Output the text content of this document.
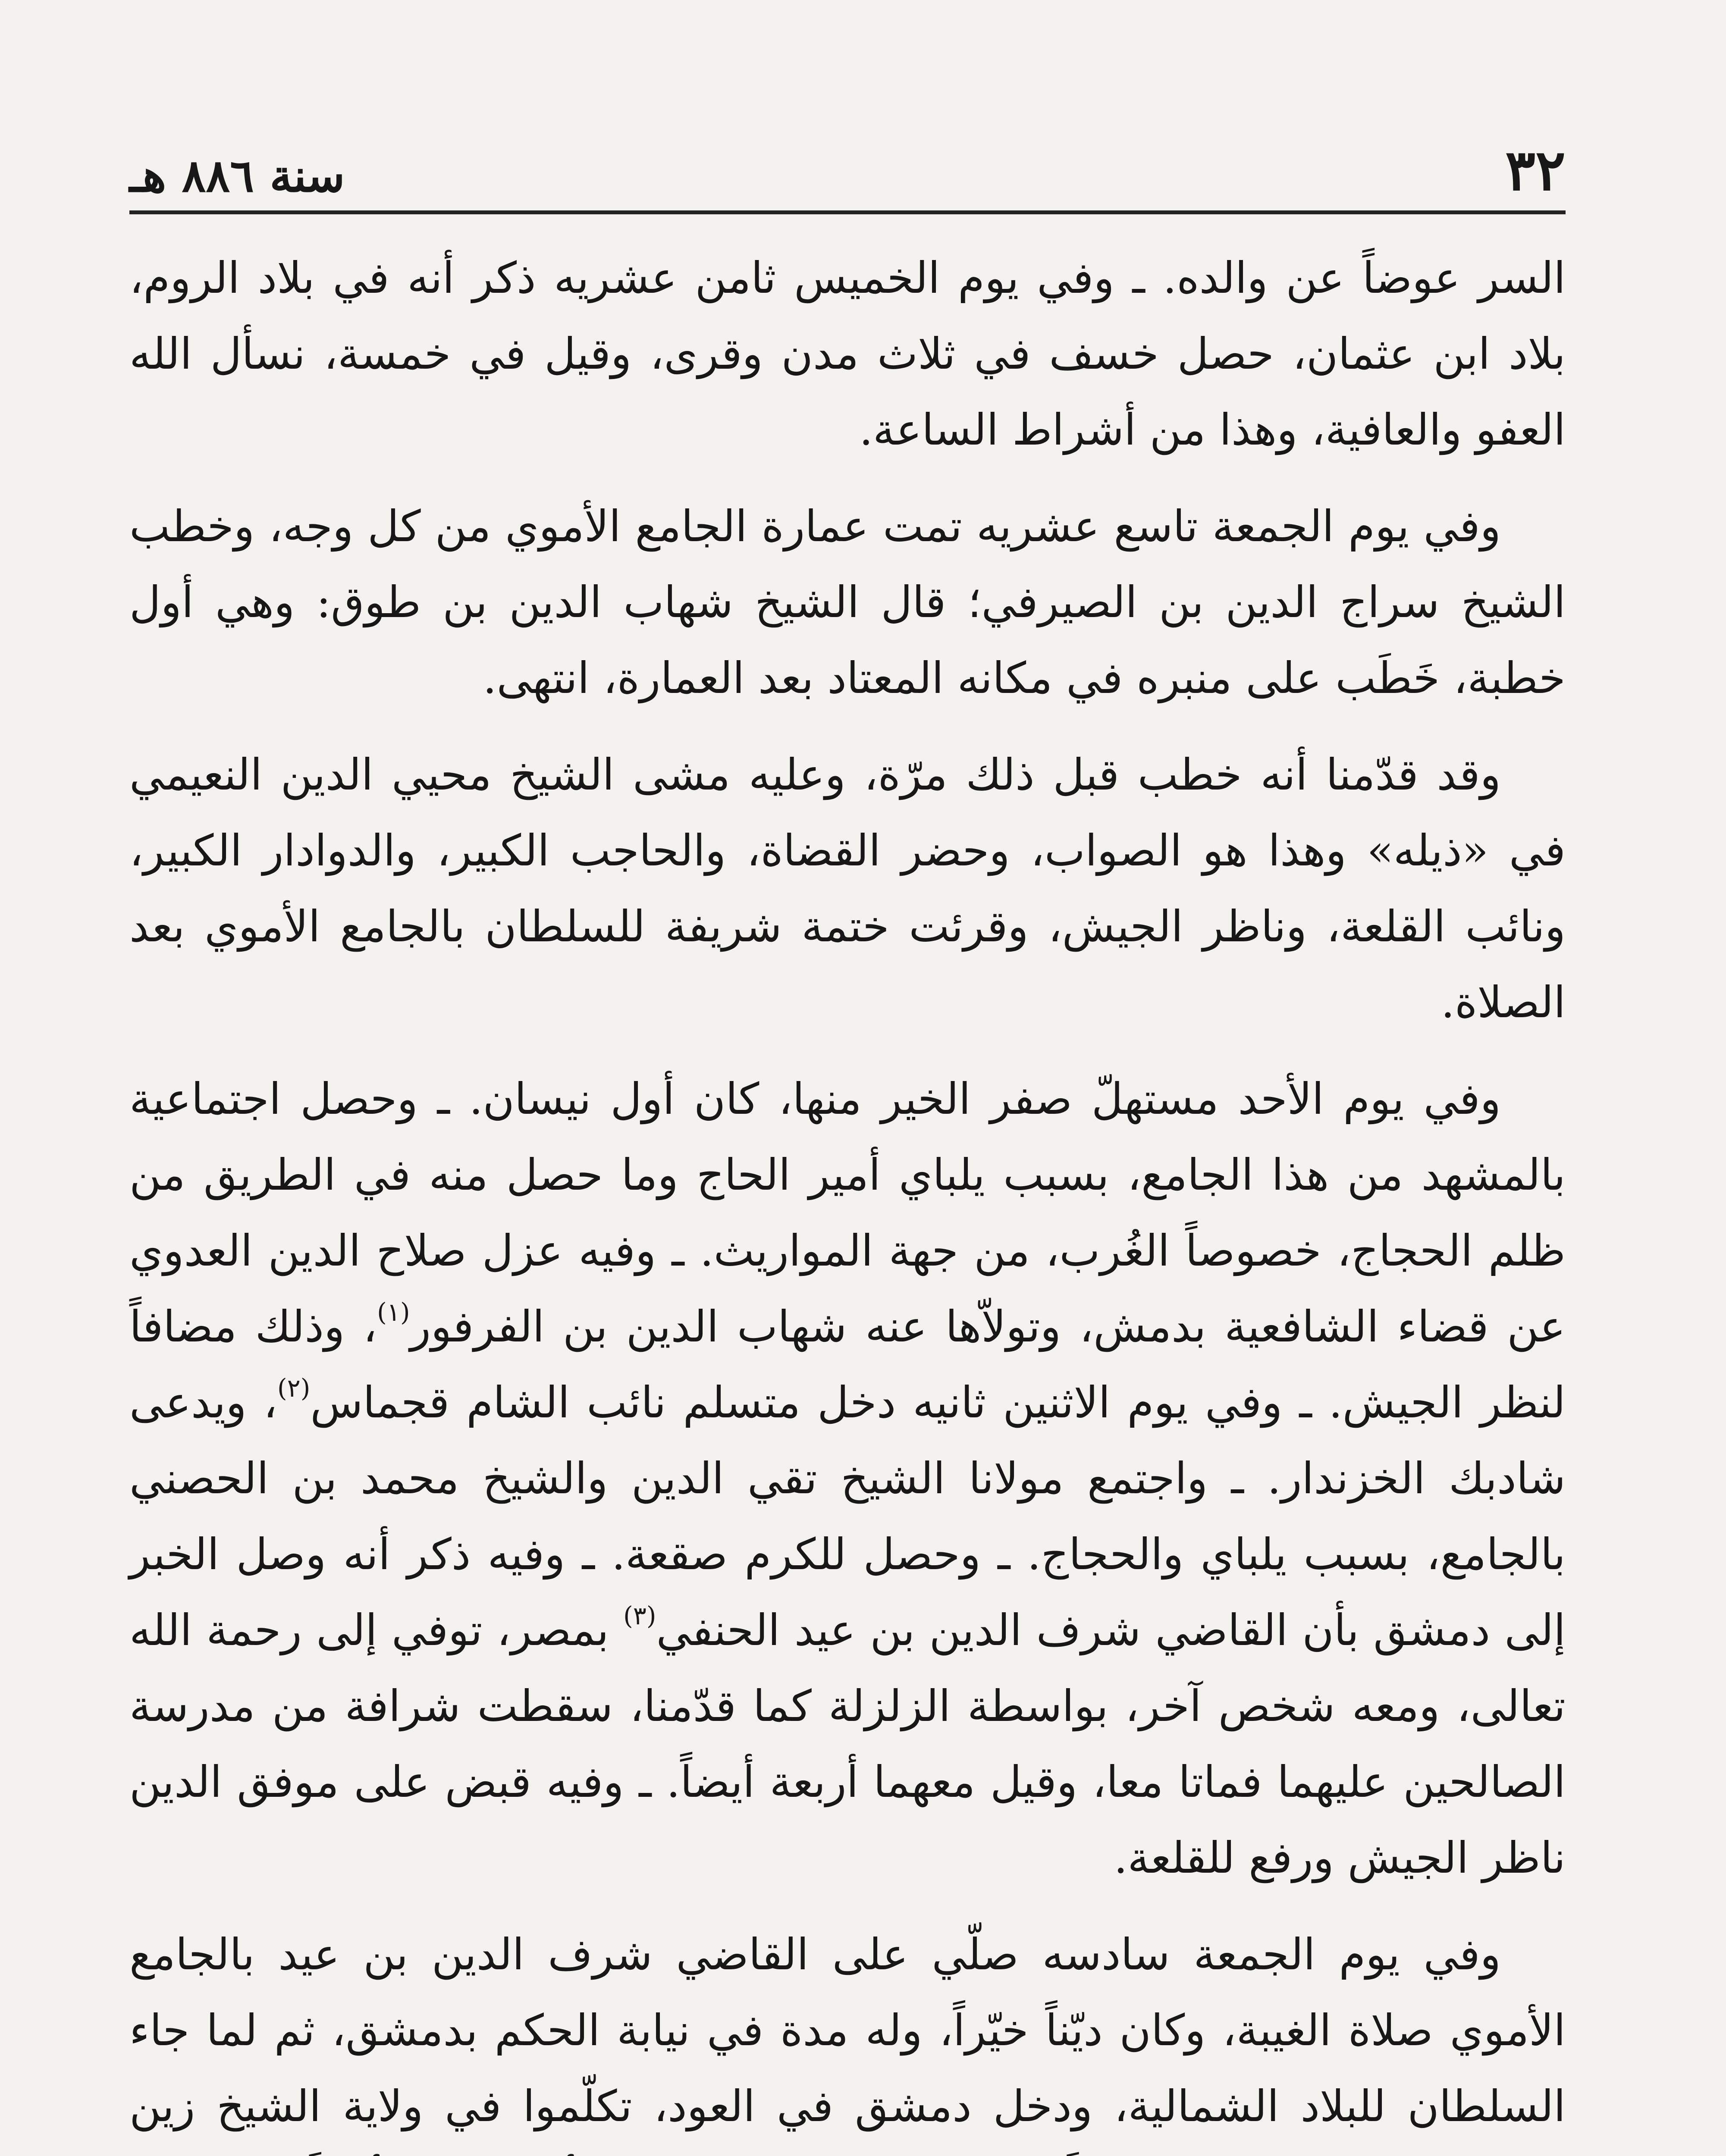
٣٢
سنة ٨٨٦ هـ

السر عوضاً عن والده. ـ وفي يوم الخميس ثامن عشريه ذكر أنه في بلاد الروم، بلاد ابن عثمان، حصل خسف في ثلاث مدن وقرى، وقيل في خمسة، نسأل الله العفو والعافية، وهذا من أشراط الساعة.

وفي يوم الجمعة تاسع عشريه تمت عمارة الجامع الأموي من كل وجه، وخطب الشيخ سراج الدين بن الصيرفي؛ قال الشيخ شهاب الدين بن طوق: وهي أول خطبة، خَطَب على منبره في مكانه المعتاد بعد العمارة، انتهى.

وقد قدّمنا أنه خطب قبل ذلك مرّة، وعليه مشى الشيخ محيي الدين النعيمي في «ذيله» وهذا هو الصواب، وحضر القضاة، والحاجب الكبير، والدوادار الكبير، ونائب القلعة، وناظر الجيش، وقرئت ختمة شريفة للسلطان بالجامع الأموي بعد الصلاة.

وفي يوم الأحد مستهلّ صفر الخير منها، كان أول نيسان. ـ وحصل اجتماعية بالمشهد من هذا الجامع، بسبب يلباي أمير الحاج وما حصل منه في الطريق من ظلم الحجاج، خصوصاً الغُرب، من جهة المواريث. ـ وفيه عزل صلاح الدين العدوي عن قضاء الشافعية بدمش، وتولاّها عنه شهاب الدين بن الفرفور$^{(١)}$، وذلك مضافاً لنظر الجيش. ـ وفي يوم الاثنين ثانيه دخل متسلم نائب الشام قجماس$^{(٢)}$، ويدعى شادبك الخزندار. ـ واجتمع مولانا الشيخ تقي الدين والشيخ محمد بن الحصني بالجامع، بسبب يلباي والحجاج. ـ وحصل للكرم صقعة. ـ وفيه ذكر أنه وصل الخبر إلى دمشق بأن القاضي شرف الدين بن عيد الحنفي$^{(٣)}$ بمصر، توفي إلى رحمة الله تعالى، ومعه شخص آخر، بواسطة الزلزلة كما قدّمنا، سقطت شرافة من مدرسة الصالحين عليهما فماتا معا، وقيل معهما أربعة أيضاً. ـ وفيه قبض على موفق الدين ناظر الجيش ورفع للقلعة.

وفي يوم الجمعة سادسه صلّي على القاضي شرف الدين بن عيد بالجامع الأموي صلاة الغيبة، وكان ديّناً خيّراً، وله مدة في نيابة الحكم بدمشق، ثم لما جاء السلطان للبلاد الشمالية، ودخل دمشق في العود، تكلّموا في ولاية الشيخ زين
